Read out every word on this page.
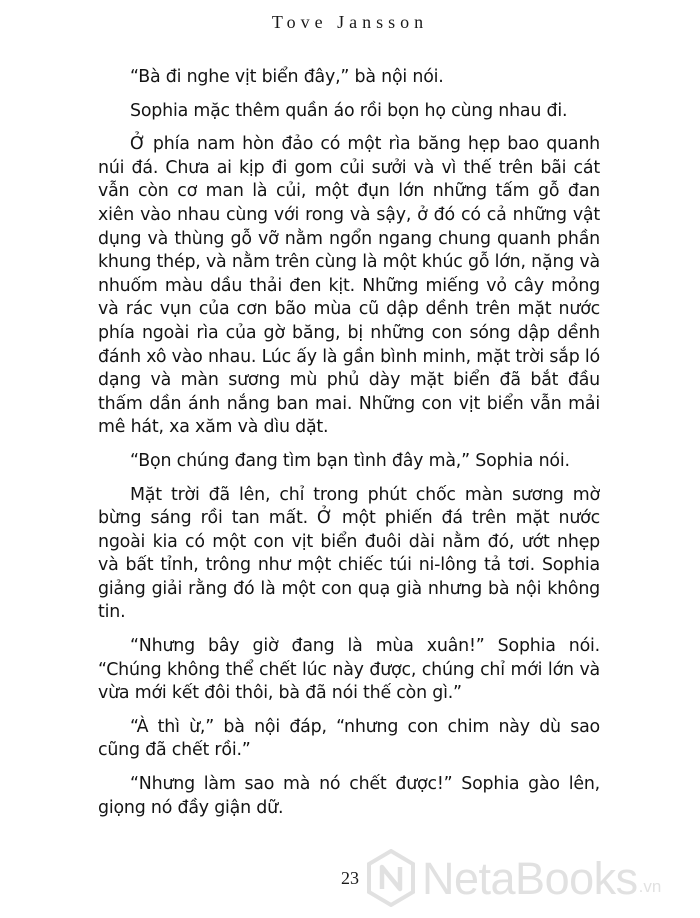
Tove Jansson

“Bà đi nghe vịt biển đây,” bà nội nói.

Sophia mặc thêm quần áo rồi bọn họ cùng nhau đi.

Ở phía nam hòn đảo có một rìa băng hẹp bao quanh núi đá. Chưa ai kịp đi gom củi sưởi và vì thế trên bãi cát vẫn còn cơ man là củi, một đụn lớn những tấm gỗ đan xiên vào nhau cùng với rong và sậy, ở đó có cả những vật dụng và thùng gỗ vỡ nằm ngổn ngang chung quanh phần khung thép, và nằm trên cùng là một khúc gỗ lớn, nặng và nhuốm màu dầu thải đen kịt. Những miếng vỏ cây mỏng và rác vụn của cơn bão mùa cũ dập dềnh trên mặt nước phía ngoài rìa của gờ băng, bị những con sóng dập dềnh đánh xô vào nhau. Lúc ấy là gần bình minh, mặt trời sắp ló dạng và màn sương mù phủ dày mặt biển đã bắt đầu thấm dần ánh nắng ban mai. Những con vịt biển vẫn mải mê hát, xa xăm và dìu dặt.

“Bọn chúng đang tìm bạn tình đây mà,” Sophia nói.

Mặt trời đã lên, chỉ trong phút chốc màn sương mờ bừng sáng rồi tan mất. Ở một phiến đá trên mặt nước ngoài kia có một con vịt biển đuôi dài nằm đó, ướt nhẹp và bất tỉnh, trông như một chiếc túi ni-lông tả tơi. Sophia giảng giải rằng đó là một con quạ già nhưng bà nội không tin.

“Nhưng bây giờ đang là mùa xuân!” Sophia nói. “Chúng không thể chết lúc này được, chúng chỉ mới lớn và vừa mới kết đôi thôi, bà đã nói thế còn gì.”

“À thì ừ,” bà nội đáp, “nhưng con chim này dù sao cũng đã chết rồi.”

“Nhưng làm sao mà nó chết được!” Sophia gào lên, giọng nó đầy giận dữ.

23	NetaBooks .vn
